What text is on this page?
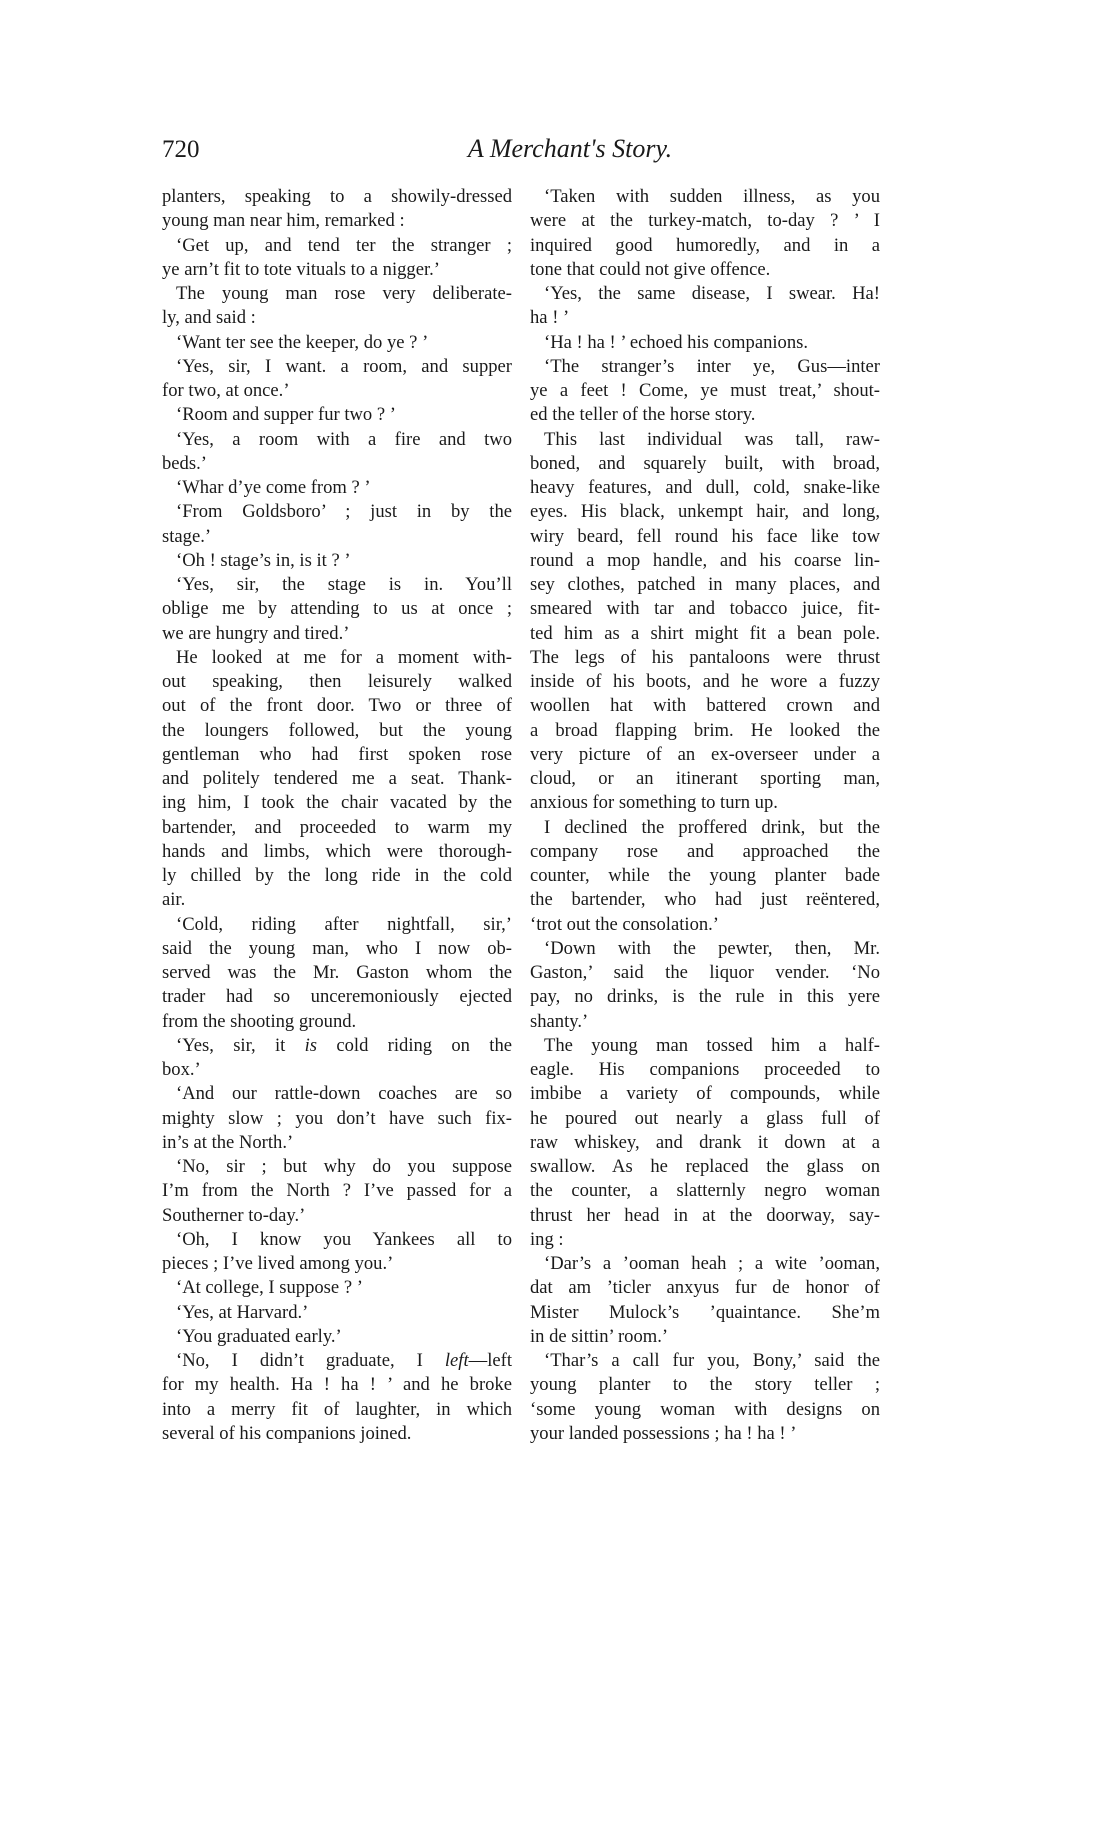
720	A Merchant's Story.
planters, speaking to a showily-dressed
young man near him, remarked :
‘Get up, and tend ter the stranger ;
ye arn’t fit to tote vituals to a nigger.’
The young man rose very deliberate-
ly, and said :
‘Want ter see the keeper, do ye ? ’
‘Yes, sir, I want. a room, and supper
for two, at once.’
‘Room and supper fur two ? ’
‘Yes, a room with a fire and two
beds.’
‘Whar d’ye come from ? ’
‘From Goldsboro’ ; just in by the
stage.’
‘Oh ! stage’s in, is it ? ’
‘Yes, sir, the stage is in. You’ll
oblige me by attending to us at once ;
we are hungry and tired.’
He looked at me for a moment with-
out speaking, then leisurely walked
out of the front door. Two or three of
the loungers followed, but the young
gentleman who had first spoken rose
and politely tendered me a seat. Thank-
ing him, I took the chair vacated by the
bartender, and proceeded to warm my
hands and limbs, which were thorough-
ly chilled by the long ride in the cold
air.
‘Cold, riding after nightfall, sir,’
said the young man, who I now ob-
served was the Mr. Gaston whom the
trader had so unceremoniously ejected
from the shooting ground.
‘Yes, sir, it is cold riding on the
box.’
‘And our rattle-down coaches are so
mighty slow ; you don’t have such fix-
in’s at the North.’
‘No, sir ; but why do you suppose
I’m from the North ? I’ve passed for a
Southerner to-day.’
‘Oh, I know you Yankees all to
pieces ; I’ve lived among you.’
‘At college, I suppose ? ’
‘Yes, at Harvard.’
‘You graduated early.’
‘No, I didn’t graduate, I left—left
for my health. Ha ! ha ! ’ and he broke
into a merry fit of laughter, in which
several of his companions joined.
‘Taken with sudden illness, as you
were at the turkey-match, to-day ? ’ I
inquired good humoredly, and in a
tone that could not give offence.
‘Yes, the same disease, I swear. Ha!
ha ! ’
‘Ha ! ha ! ’ echoed his companions.
‘The stranger’s inter ye, Gus—inter
ye a feet ! Come, ye must treat,’ shout-
ed the teller of the horse story.
This last individual was tall, raw-
boned, and squarely built, with broad,
heavy features, and dull, cold, snake-like
eyes. His black, unkempt hair, and long,
wiry beard, fell round his face like tow
round a mop handle, and his coarse lin-
sey clothes, patched in many places, and
smeared with tar and tobacco juice, fit-
ted him as a shirt might fit a bean pole.
The legs of his pantaloons were thrust
inside of his boots, and he wore a fuzzy
woollen hat with battered crown and
a broad flapping brim. He looked the
very picture of an ex-overseer under a
cloud, or an itinerant sporting man,
anxious for something to turn up.
I declined the proffered drink, but the
company rose and approached the
counter, while the young planter bade
the bartender, who had just reëntered,
‘trot out the consolation.’
‘Down with the pewter, then, Mr.
Gaston,’ said the liquor vender. ‘No
pay, no drinks, is the rule in this yere
shanty.’
The young man tossed him a half-
eagle. His companions proceeded to
imbibe a variety of compounds, while
he poured out nearly a glass full of
raw whiskey, and drank it down at a
swallow. As he replaced the glass on
the counter, a slatternly negro woman
thrust her head in at the doorway, say-
ing :
‘Dar’s a ’ooman heah ; a wite ’ooman,
dat am ’ticler anxyus fur de honor of
Mister Mulock’s ’quaintance. She’m
in de sittin’ room.’
‘Thar’s a call fur you, Bony,’ said the
young planter to the story teller ;
‘some young woman with designs on
your landed possessions ; ha ! ha ! ’
